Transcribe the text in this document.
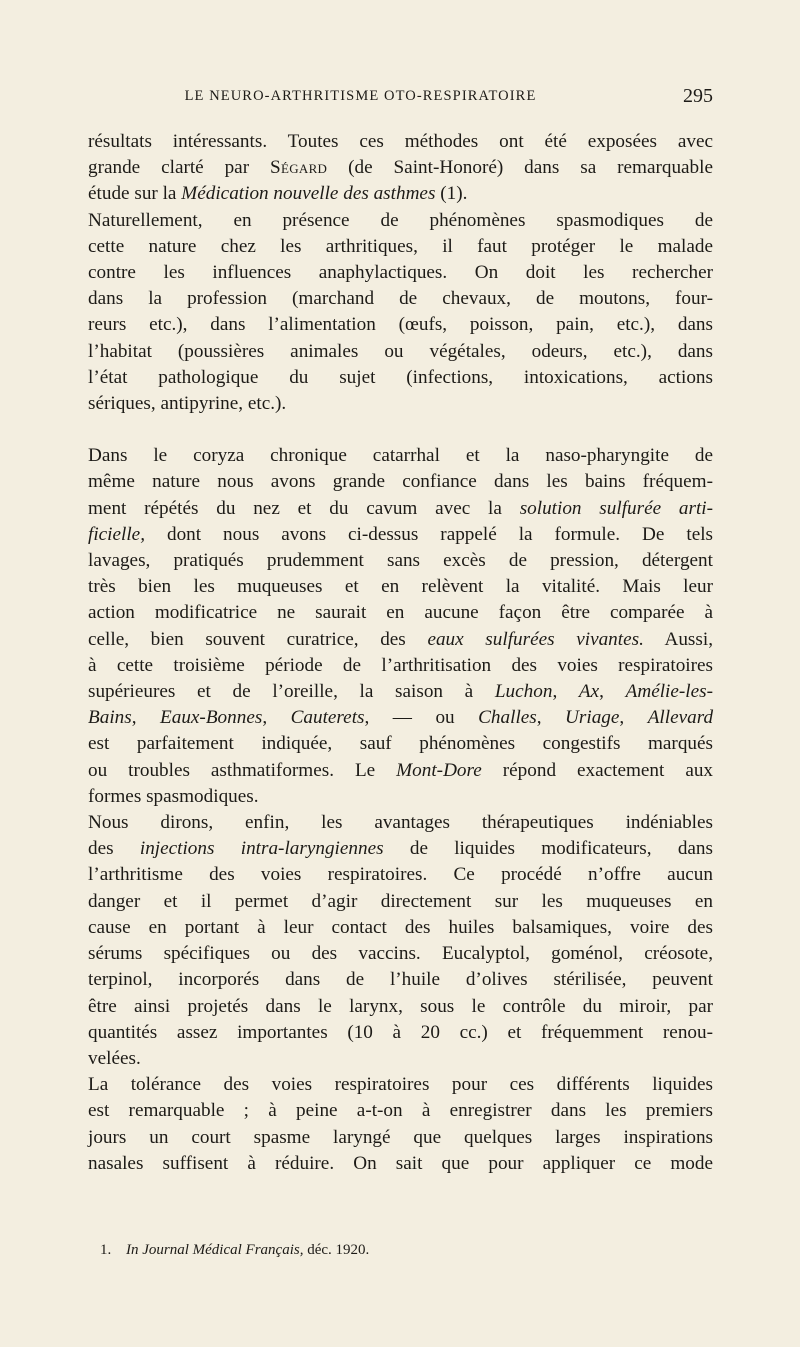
LE NEURO-ARTHRITISME OTO-RESPIRATOIRE	295

résultats intéressants. Toutes ces méthodes ont été exposées avec
grande clarté par Ségard (de Saint-Honoré) dans sa remarquable
étude sur la Médication nouvelle des asthmes (1).

Naturellement, en présence de phénomènes spasmodiques de
cette nature chez les arthritiques, il faut protéger le malade
contre les influences anaphylactiques. On doit les rechercher
dans la profession (marchand de chevaux, de moutons, four-
reurs etc.), dans l’alimentation (œufs, poisson, pain, etc.), dans
l’habitat (poussières animales ou végétales, odeurs, etc.), dans
l’état pathologique du sujet (infections, intoxications, actions
sériques, antipyrine, etc.).

Dans le coryza chronique catarrhal et la naso-pharyngite de
même nature nous avons grande confiance dans les bains fréquem-
ment répétés du nez et du cavum avec la solution sulfurée arti-
ficielle, dont nous avons ci-dessus rappelé la formule. De tels
lavages, pratiqués prudemment sans excès de pression, détergent
très bien les muqueuses et en relèvent la vitalité. Mais leur
action modificatrice ne saurait en aucune façon être comparée à
celle, bien souvent curatrice, des eaux sulfurées vivantes. Aussi,
à cette troisième période de l’arthritisation des voies respiratoires
supérieures et de l’oreille, la saison à Luchon, Ax, Amélie-les-
Bains, Eaux-Bonnes, Cauterets, — ou Challes, Uriage, Allevard
est parfaitement indiquée, sauf phénomènes congestifs marqués
ou troubles asthmatiformes. Le Mont-Dore répond exactement aux
formes spasmodiques.

Nous dirons, enfin, les avantages thérapeutiques indéniables
des injections intra-laryngiennes de liquides modificateurs, dans
l’arthritisme des voies respiratoires. Ce procédé n’offre aucun
danger et il permet d’agir directement sur les muqueuses en
cause en portant à leur contact des huiles balsamiques, voire des
sérums spécifiques ou des vaccins. Eucalyptol, goménol, créosote,
terpinol, incorporés dans de l’huile d’olives stérilisée, peuvent
être ainsi projetés dans le larynx, sous le contrôle du miroir, par
quantités assez importantes (10 à 20 cc.) et fréquemment renou-
velées.

La tolérance des voies respiratoires pour ces différents liquides
est remarquable ; à peine a-t-on à enregistrer dans les premiers
jours un court spasme laryngé que quelques larges inspirations
nasales suffisent à réduire. On sait que pour appliquer ce mode

1. In Journal Médical Français, déc. 1920.
